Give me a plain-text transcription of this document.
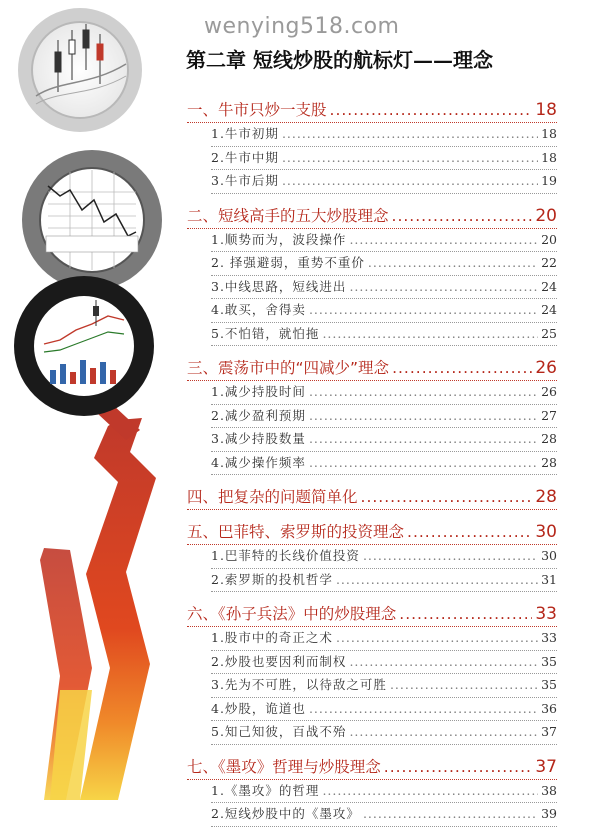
wenying518.com
第二章 短线炒股的航标灯——理念
一、牛市只炒一支股 .....	18
1.牛市初期 .....	18
2.牛市中期 .....	18
3.牛市后期 .....	19
二、短线高手的五大炒股理念 .....	20
1.顺势而为，波段操作 .....	20
2. 择强避弱，重势不重价 .....	22
3.中线思路，短线进出 .....	24
4.敢买，舍得卖 .....	24
5.不怕错，就怕拖 .....	25
三、震荡市中的“四减少”理念 .....	26
1.减少持股时间 .....	26
2.减少盈利预期 .....	27
3.减少持股数量 .....	28
4.减少操作频率 .....	28
四、把复杂的问题简单化 .....	28
五、巴菲特、索罗斯的投资理念 .....	30
1.巴菲特的长线价值投资 .....	30
2.索罗斯的投机哲学 .....	31
六、《孙子兵法》中的炒股理念 .....	33
1.股市中的奇正之术 .....	33
2.炒股也要因利而制权 .....	35
3.先为不可胜，以待敌之可胜 .....	35
4.炒股，诡道也 .....	36
5.知己知彼，百战不殆 .....	37
七、《墨攻》哲理与炒股理念 .....	37
1.《墨攻》的哲理 .....	38
2.短线炒股中的《墨攻》 .....	39
